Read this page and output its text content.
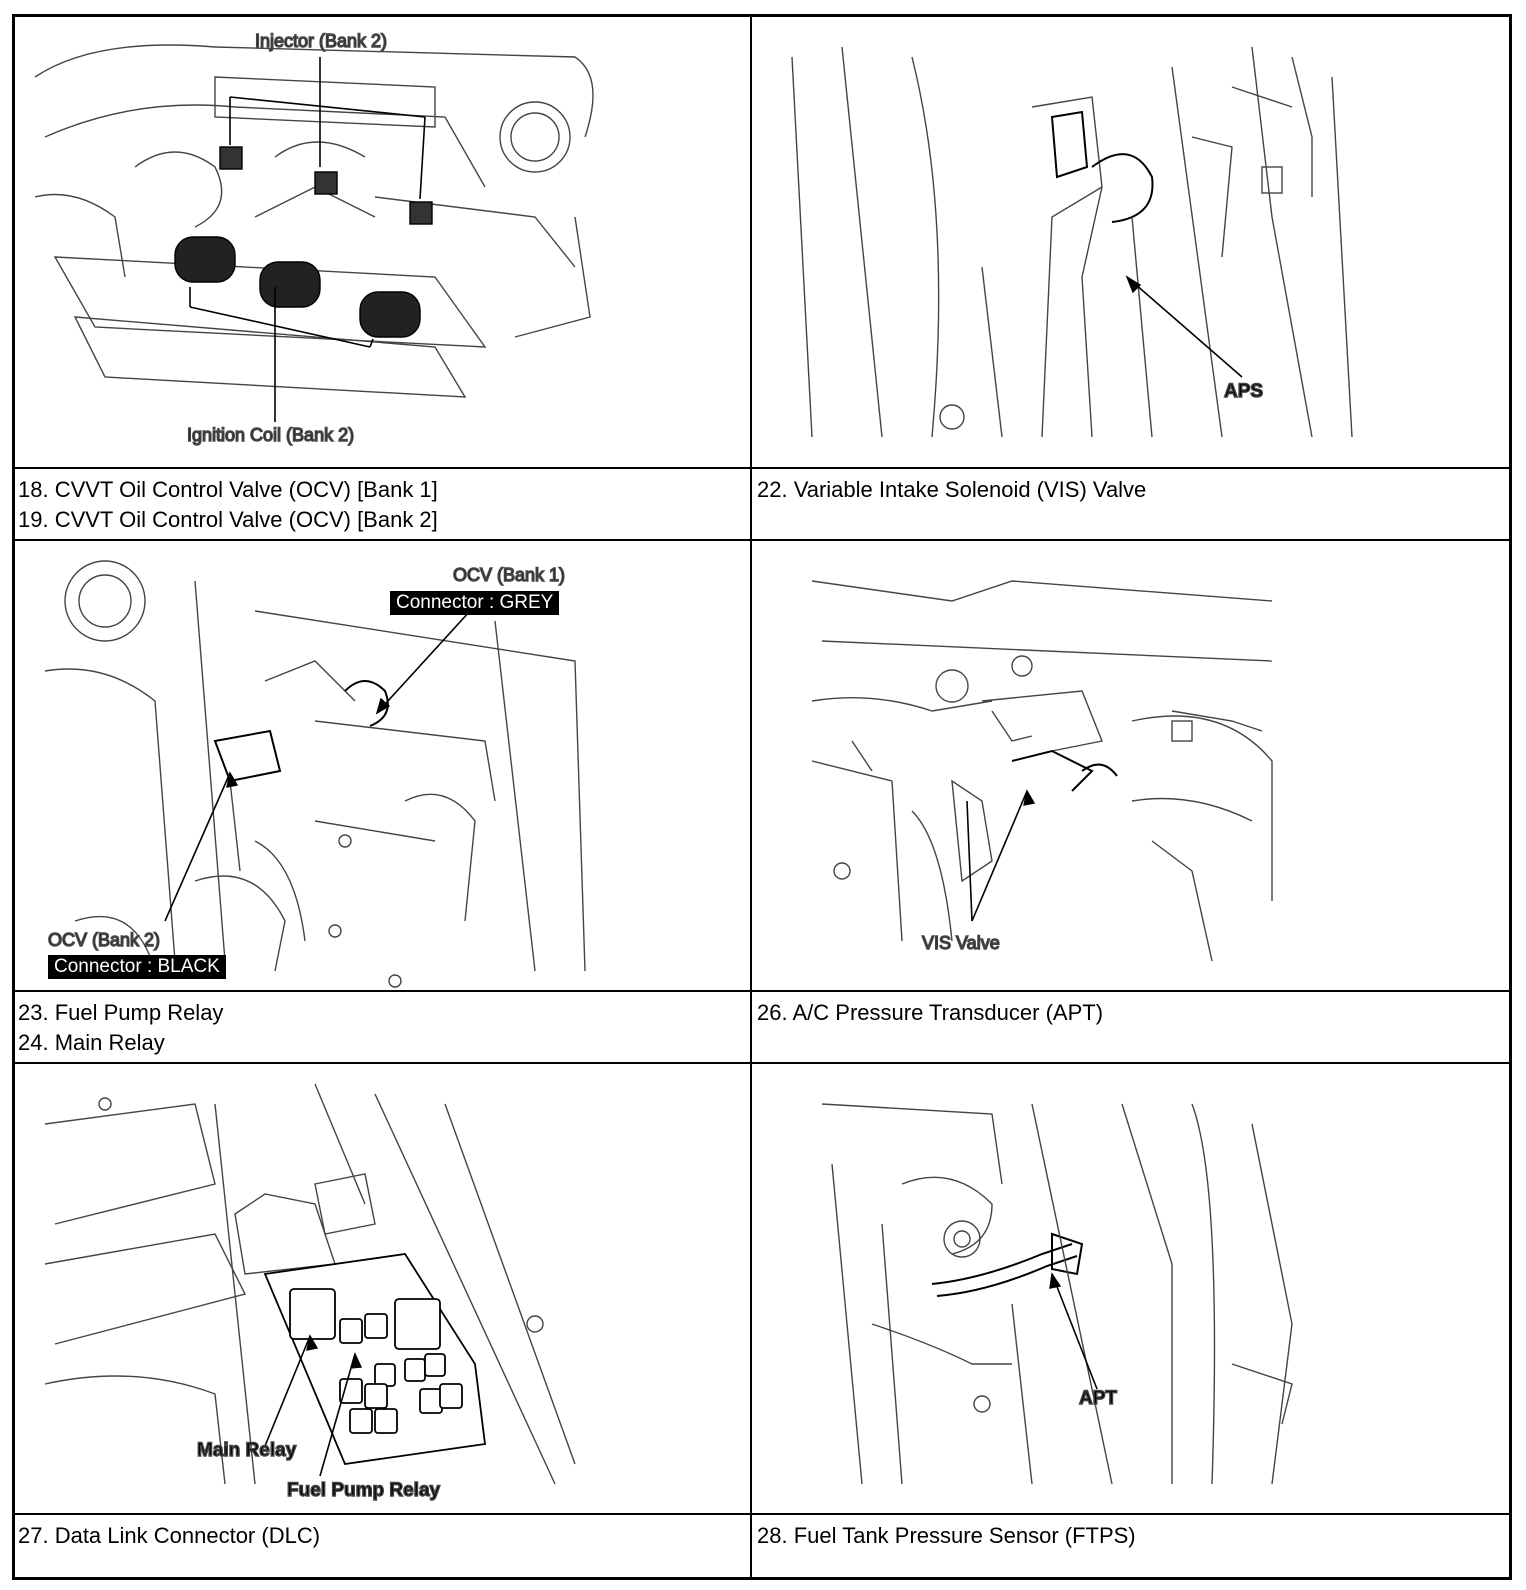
Injector (Bank 2)
Ignition Coil (Bank 2)
APS
18. CVVT Oil Control Valve (OCV) [Bank 1]
19. CVVT Oil Control Valve (OCV) [Bank 2]
22. Variable Intake Solenoid (VIS) Valve
OCV (Bank 1)
OCV (Bank 2)
Connector : GREY
Connector : BLACK
VIS Valve
23. Fuel Pump Relay
24. Main Relay
26. A/C Pressure Transducer (APT)
Main Relay
Fuel Pump Relay
APT
27. Data Link Connector (DLC)	28. Fuel Tank Pressure Sensor (FTPS)
